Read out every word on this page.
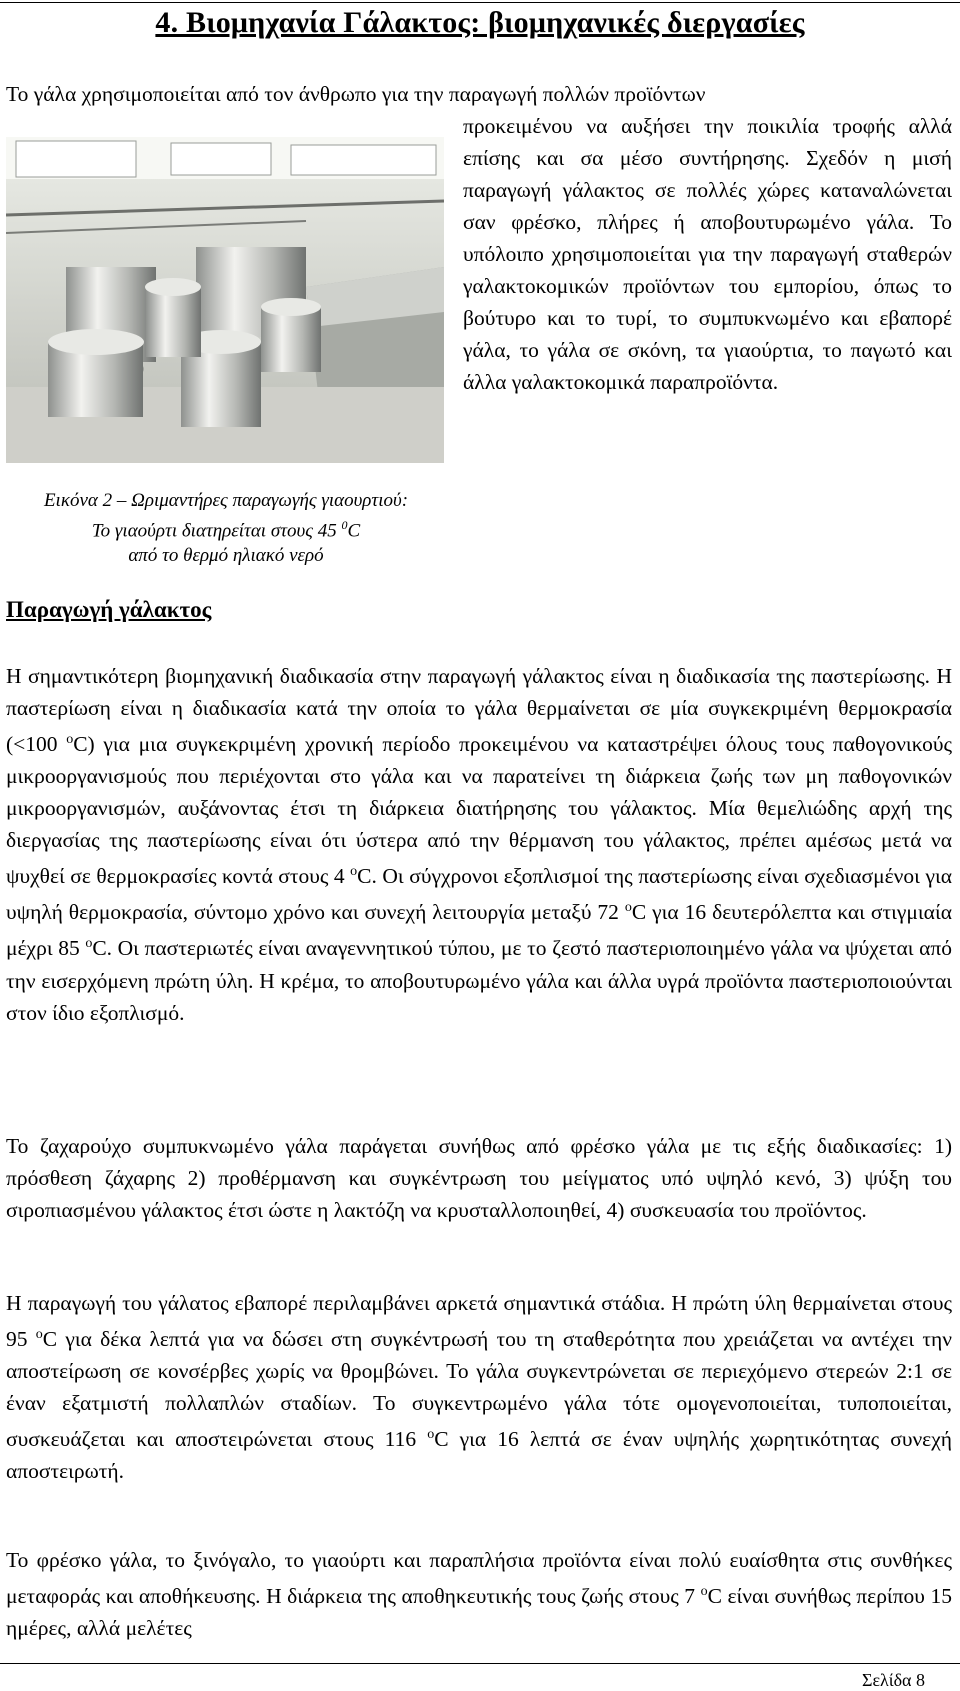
4. Βιομηχανία Γάλακτος: βιομηχανικές διεργασίες
Το γάλα χρησιμοποιείται από τον άνθρωπο για την παραγωγή πολλών προϊόντων
προκειμένου να αυξήσει την ποικιλία τροφής αλλά επίσης και σα μέσο συντήρησης. Σχεδόν η μισή παραγωγή γάλακτος σε πολλές χώρες καταναλώνεται σαν φρέσκο, πλήρες ή αποβουτυρωμένο γάλα. Το υπόλοιπο χρησιμοποιείται για την παραγωγή σταθερών γαλακτοκομικών προϊόντων του εμπορίου, όπως το βούτυρο και το τυρί, το συμπυκνωμένο και εβαπορέ γάλα, το γάλα σε σκόνη, τα γιαούρτια, το παγωτό και άλλα γαλακτοκομικά παραπροϊόντα.
Εικόνα 2 – Ωριμαντήρες παραγωγής γιαουρτιού:
Το γιαούρτι διατηρείται στους 45 $^0$C
από το θερμό ηλιακό νερό
Παραγωγή γάλακτος
Η σημαντικότερη βιομηχανική διαδικασία στην παραγωγή γάλακτος είναι η διαδικασία της παστερίωσης. Η παστερίωση είναι η διαδικασία κατά την οποία το γάλα θερμαίνεται σε μία συγκεκριμένη θερμοκρασία (<100 $^o$C) για μια συγκεκριμένη χρονική περίοδο προκειμένου να καταστρέψει όλους τους παθογονικούς μικροοργανισμούς που περιέχονται στο γάλα και να παρατείνει τη διάρκεια ζωής των μη παθογονικών μικροοργανισμών, αυξάνοντας έτσι τη διάρκεια διατήρησης του γάλακτος. Μία θεμελιώδης αρχή της διεργασίας της παστερίωσης είναι ότι ύστερα από την θέρμανση του γάλακτος, πρέπει αμέσως μετά να ψυχθεί σε θερμοκρασίες κοντά στους 4 $^o$C. Οι σύγχρονοι εξοπλισμοί της παστερίωσης είναι σχεδιασμένοι για υψηλή θερμοκρασία, σύντομο χρόνο και συνεχή λειτουργία μεταξύ 72 $^o$C για 16 δευτερόλεπτα και στιγμιαία μέχρι 85 $^o$C. Οι παστεριωτές είναι αναγεννητικού τύπου, με το ζεστό παστεριοποιημένο γάλα να ψύχεται από την εισερχόμενη πρώτη ύλη. Η κρέμα, το αποβουτυρωμένο γάλα και άλλα υγρά προϊόντα παστεριοποιούνται στον ίδιο εξοπλισμό.
Το ζαχαρούχο συμπυκνωμένο γάλα παράγεται συνήθως από φρέσκο γάλα με τις εξής διαδικασίες: 1) πρόσθεση ζάχαρης 2) προθέρμανση και συγκέντρωση του μείγματος υπό υψηλό κενό, 3) ψύξη του σιροπιασμένου γάλακτος έτσι ώστε η λακτόζη να κρυσταλλοποιηθεί, 4) συσκευασία του προϊόντος.
Η παραγωγή του γάλατος εβαπορέ περιλαμβάνει αρκετά σημαντικά στάδια. Η πρώτη ύλη θερμαίνεται στους 95 $^o$C για δέκα λεπτά για να δώσει στη συγκέντρωσή του τη σταθερότητα που χρειάζεται να αντέχει την αποστείρωση σε κονσέρβες χωρίς να θρομβώνει. Το γάλα συγκεντρώνεται σε περιεχόμενο στερεών 2:1 σε έναν εξατμιστή πολλαπλών σταδίων. Το συγκεντρωμένο γάλα τότε ομογενοποιείται, τυποποιείται, συσκευάζεται και αποστειρώνεται στους 116 $^o$C για 16 λεπτά σε έναν υψηλής χωρητικότητας συνεχή αποστειρωτή.
Το φρέσκο γάλα, το ξινόγαλο, το γιαούρτι και παραπλήσια προϊόντα είναι πολύ ευαίσθητα στις συνθήκες μεταφοράς και αποθήκευσης. Η διάρκεια της αποθηκευτικής τους ζωής στους 7 $^o$C είναι συνήθως περίπου 15 ημέρες, αλλά μελέτες
Σελίδα 8
